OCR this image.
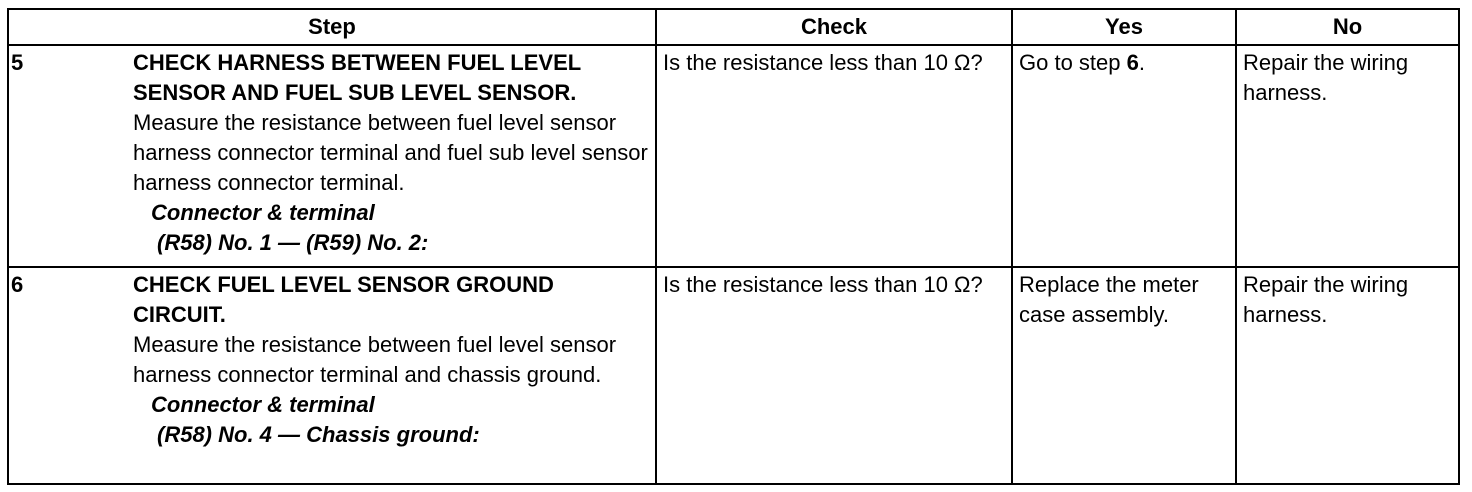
Step	Check	Yes	No

5 CHECK HARNESS BETWEEN FUEL LEVEL SENSOR AND FUEL SUB LEVEL SENSOR.
Measure the resistance between fuel level sensor harness connector terminal and fuel sub level sensor harness connector terminal.
Connector & terminal
(R58) No. 1 — (R59) No. 2:	Is the resistance less than 10 Ω?	Go to step 6.	Repair the wiring harness.

6 CHECK FUEL LEVEL SENSOR GROUND CIRCUIT.
Measure the resistance between fuel level sensor harness connector terminal and chassis ground.
Connector & terminal
(R58) No. 4 — Chassis ground:	Is the resistance less than 10 Ω?	Replace the meter case assembly.	Repair the wiring harness.
